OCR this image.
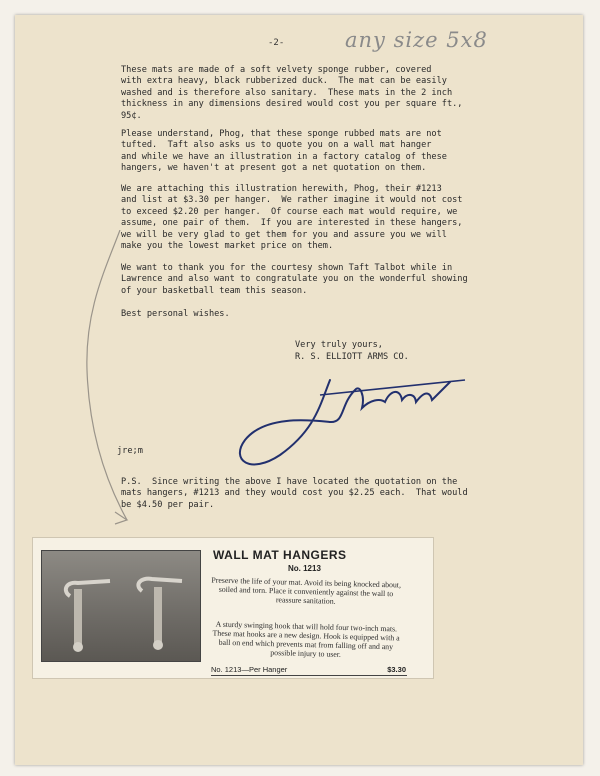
-2-	any size 5x8
These mats are made of a soft velvety sponge rubber, covered
with extra heavy, black rubberized duck.  The mat can be easily
washed and is therefore also sanitary.  These mats in the 2 inch
thickness in any dimensions desired would cost you per square ft.,
95¢.
Please understand, Phog, that these sponge rubbed mats are not
tufted.  Taft also asks us to quote you on a wall mat hanger
and while we have an illustration in a factory catalog of these
hangers, we haven't at present got a net quotation on them.
We are attaching this illustration herewith, Phog, their #1213
and list at $3.30 per hanger.  We rather imagine it would not cost
to exceed $2.20 per hanger.  Of course each mat would require, we
assume, one pair of them.  If you are interested in these hangers,
we will be very glad to get them for you and assure you we will
make you the lowest market price on them.
We want to thank you for the courtesy shown Taft Talbot while in
Lawrence and also want to congratulate you on the wonderful showing
of your basketball team this season.
Best personal wishes.
Very truly yours,
R. S. ELLIOTT ARMS CO.
jre;m
P.S.  Since writing the above I have located the quotation on the
mats hangers, #1213 and they would cost you $2.25 each.  That would
be $4.50 per pair.
WALL MAT HANGERS
No. 1213
Preserve the life of your mat. Avoid its being knocked about, soiled and torn. Place it conveniently against the wall to reassure sanitation.
A sturdy swinging hook that will hold four two-inch mats. These mat hooks are a new design. Hook is equipped with a ball on end which prevents mat from falling off and any possible injury to user.
No. 1213—Per Hanger	$3.30
